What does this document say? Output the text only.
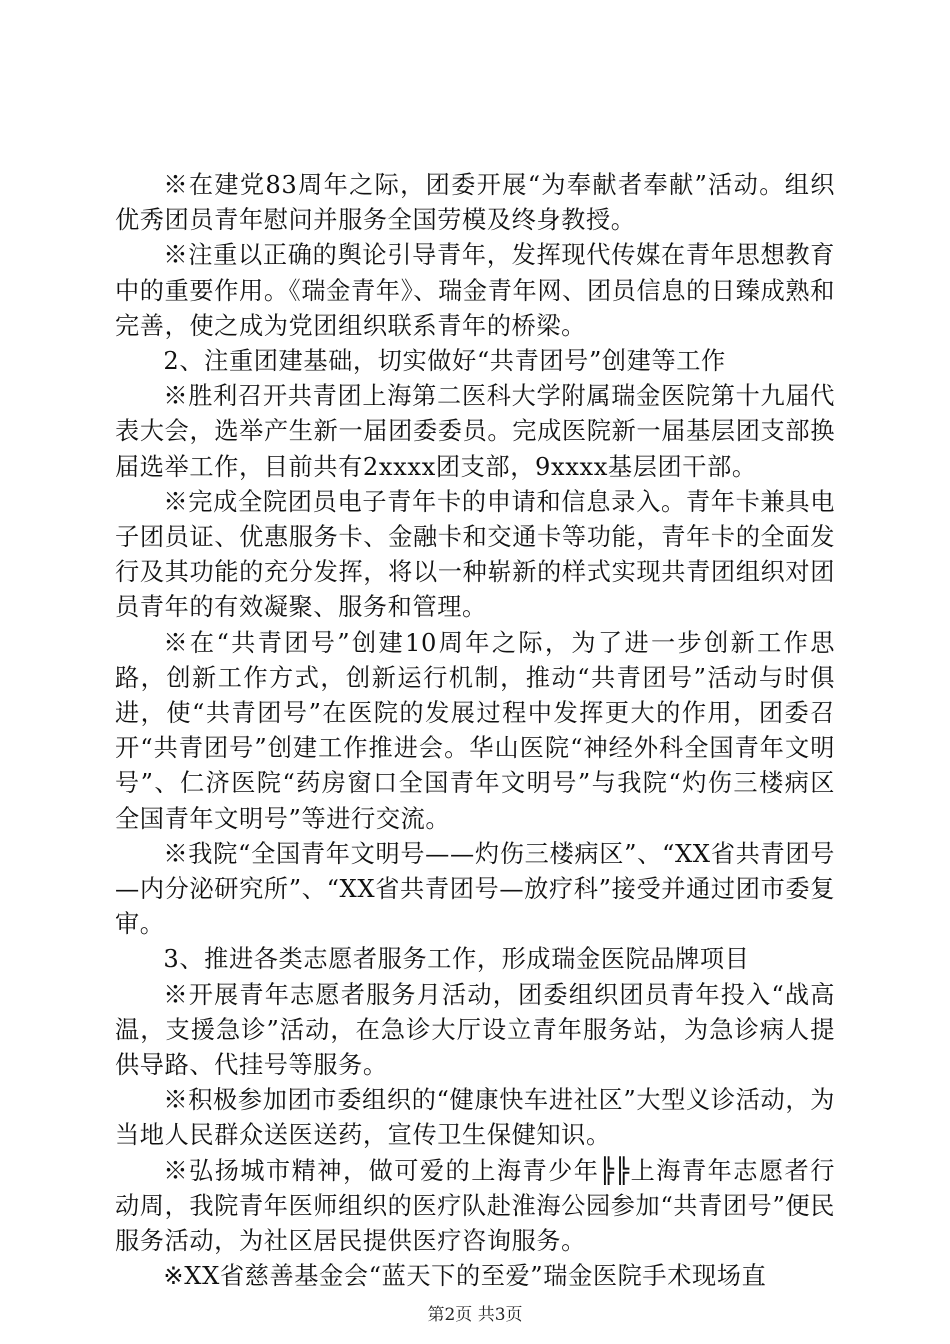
※在建党83周年之际，团委开展“为奉献者奉献”活动。组织优秀团员青年慰问并服务全国劳模及终身教授。

※注重以正确的舆论引导青年，发挥现代传媒在青年思想教育中的重要作用。《瑞金青年》、瑞金青年网、团员信息的日臻成熟和完善，使之成为党团组织联系青年的桥梁。

2、注重团建基础，切实做好“共青团号”创建等工作

※胜利召开共青团上海第二医科大学附属瑞金医院第十九届代表大会，选举产生新一届团委委员。完成医院新一届基层团支部换届选举工作，目前共有2xxxx团支部，9xxxx基层团干部。

※完成全院团员电子青年卡的申请和信息录入。青年卡兼具电子团员证、优惠服务卡、金融卡和交通卡等功能，青年卡的全面发行及其功能的充分发挥，将以一种崭新的样式实现共青团组织对团员青年的有效凝聚、服务和管理。

※在“共青团号”创建10周年之际，为了进一步创新工作思路，创新工作方式，创新运行机制，推动“共青团号”活动与时俱进，使“共青团号”在医院的发展过程中发挥更大的作用，团委召开“共青团号”创建工作推进会。华山医院“神经外科全国青年文明号”、仁济医院“药房窗口全国青年文明号”与我院“灼伤三楼病区全国青年文明号”等进行交流。

※我院“全国青年文明号——灼伤三楼病区”、“XX省共青团号—内分泌研究所”、“XX省共青团号—放疗科”接受并通过团市委复审。

3、推进各类志愿者服务工作，形成瑞金医院品牌项目

※开展青年志愿者服务月活动，团委组织团员青年投入“战高温，支援急诊”活动，在急诊大厅设立青年服务站，为急诊病人提供导路、代挂号等服务。

※积极参加团市委组织的“健康快车进社区”大型义诊活动，为当地人民群众送医送药，宣传卫生保健知识。

※弘扬城市精神，做可爱的上海青少年╠╠上海青年志愿者行动周，我院青年医师组织的医疗队赴淮海公园参加“共青团号”便民服务活动，为社区居民提供医疗咨询服务。

※XX省慈善基金会“蓝天下的至爱”瑞金医院手术现场直

第2页 共3页
